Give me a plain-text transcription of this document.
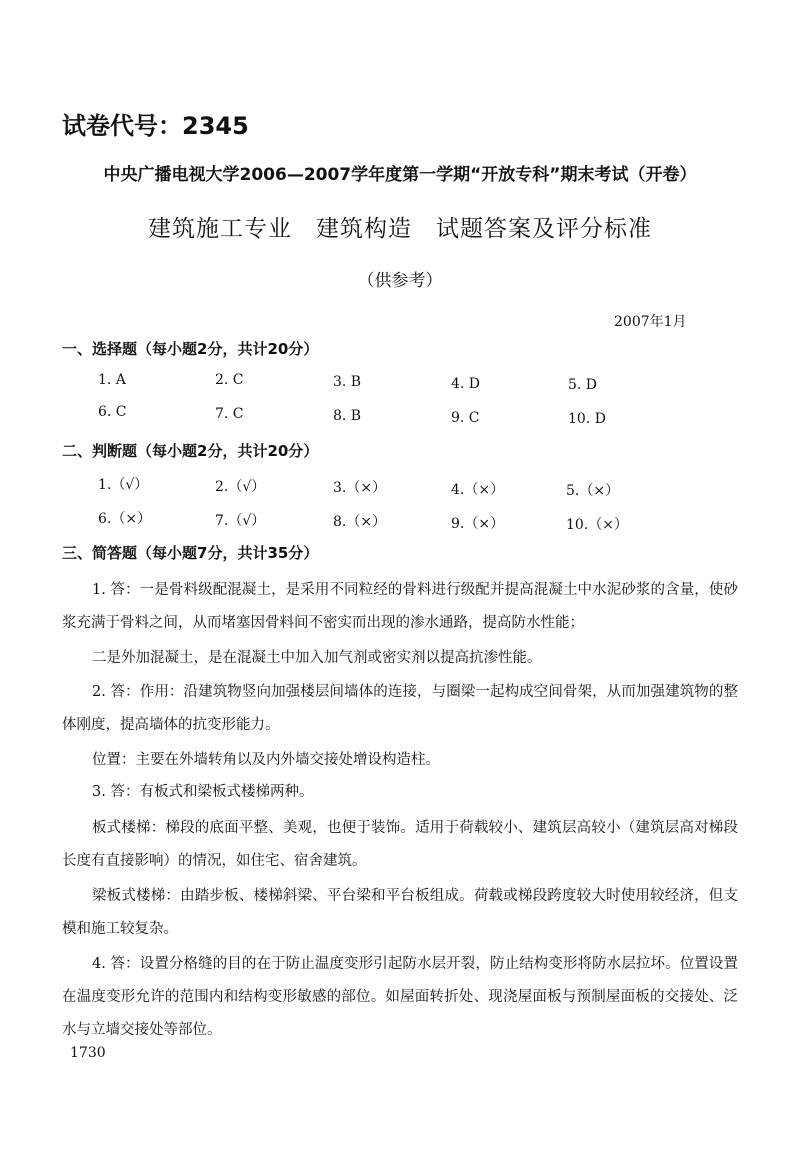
试卷代号：2345
中央广播电视大学2006—2007学年度第一学期“开放专科”期末考试（开卷）
建筑施工专业　建筑构造　试题答案及评分标准
（供参考）
2007年1月
一、选择题（每小题2分，共计20分）
1. A	2. C	3. B	4. D	5. D
6. C	7. C	8. B	9. C	10. D
二、判断题（每小题2分，共计20分）
1.（√）	2.（√）	3.（×）	4.（×）	5.（×）
6.（×）	7.（√）	8.（×）	9.（×）	10.（×）
三、简答题（每小题7分，共计35分）
1. 答：一是骨料级配混凝土，是采用不同粒经的骨料进行级配并提高混凝土中水泥砂浆的含量，使砂浆充满于骨料之间，从而堵塞因骨料间不密实而出现的渗水通路，提高防水性能；
二是外加混凝土，是在混凝土中加入加气剂或密实剂以提高抗渗性能。
2. 答：作用：沿建筑物竖向加强楼层间墙体的连接，与圈梁一起构成空间骨架，从而加强建筑物的整体刚度，提高墙体的抗变形能力。
位置：主要在外墙转角以及内外墙交接处增设构造柱。
3. 答：有板式和梁板式楼梯两种。
板式楼梯：梯段的底面平整、美观，也便于装饰。适用于荷载较小、建筑层高较小（建筑层高对梯段长度有直接影响）的情况，如住宅、宿舍建筑。
梁板式楼梯：由踏步板、楼梯斜梁、平台梁和平台板组成。荷载或梯段跨度较大时使用较经济，但支模和施工较复杂。
4. 答：设置分格缝的目的在于防止温度变形引起防水层开裂，防止结构变形将防水层拉坏。位置设置在温度变形允许的范围内和结构变形敏感的部位。如屋面转折处、现浇屋面板与预制屋面板的交接处、泛水与立墙交接处等部位。
1730
